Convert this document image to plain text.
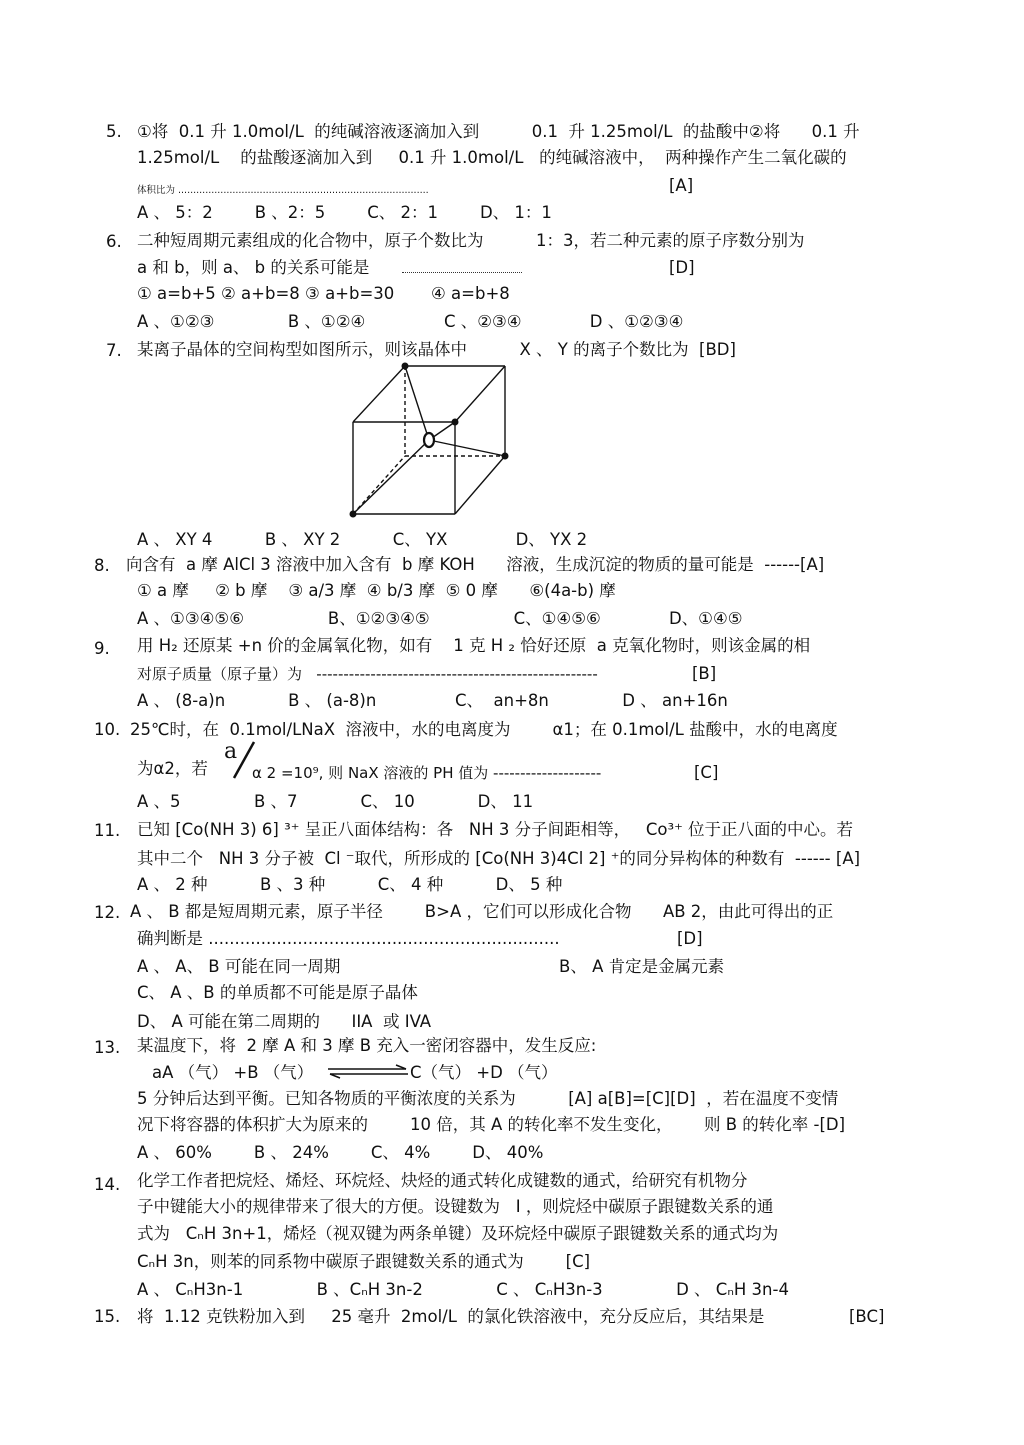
5. ①将  0.1 升 1.0mol/L  的纯碱溶液逐滴加入到          0.1  升 1.25mol/L  的盐酸中②将      0.1 升
1.25mol/L    的盐酸逐滴加入到     0.1 升 1.0mol/L   的纯碱溶液中，  两种操作产生二氧化碳的
体积比为 ...................................................................................	[A]
A 、 5：2        B 、2：5        C、 2：1        D、 1：1
6. 二种短周期元素组成的化合物中，原子个数比为          1：3，若二种元素的原子序数分别为
a 和 b，则 a、 b 的关系可能是	[D]
① a=b+5 ② a+b=8 ③ a+b=30       ④ a=b+8
A 、①②③              B 、①②④               C 、②③④             D 、①②③④
7. 某离子晶体的空间构型如图所示，则该晶体中          X 、 Y 的离子个数比为  [BD]
A 、 XY 4          B 、 XY 2          C、 YX             D、 YX 2
8. 向含有  a 摩 AlCl 3 溶液中加入含有  b 摩 KOH      溶液，生成沉淀的物质的量可能是  ------[A]
① a 摩     ② b 摩    ③ a/3 摩  ④ b/3 摩  ⑤ 0 摩      ⑥(4a-b) 摩
A 、①③④⑤⑥                B、①②③④⑤                C、①④⑤⑥             D、①④⑤
9. 用 H₂ 还原某 +n 价的金属氧化物，如有    1 克 H ₂ 恰好还原  a 克氧化物时，则该金属的相
对原子质量（原子量）为   ----------------------------------------------------	[B]
A 、 (8-a)n            B 、 (a-8)n               C、  an+8n              D 、 an+16n
10. 25℃时，在  0.1mol/LNaX  溶液中，水的电离度为        α1；在 0.1mol/L 盐酸中，水的电离度
为α2，若
a
α 2 =10⁹, 则 NaX 溶液的 PH 值为 --------------------	[C]
A 、5              B 、7            C、 10            D、 11
11. 已知 [Co(NH 3) 6] ³⁺ 呈正八面体结构：各   NH 3 分子间距相等，   Co³⁺ 位于正八面的中心。若
其中二个   NH 3 分子被  Cl ⁻取代，所形成的 [Co(NH 3)4Cl 2] ⁺的同分异构体的种数有  ------ [A]
A 、 2 种          B 、3 种          C、 4 种          D、 5 种
12. A 、 B 都是短周期元素，原子半径        B>A ，它们可以形成化合物      AB 2，由此可得出的正
确判断是 ...................................................................	[D]
A 、 A、 B 可能在同一周期	B、 A 肯定是金属元素
C、 A 、B 的单质都不可能是原子晶体
D、 A 可能在第二周期的      IIA  或 IVA
13. 某温度下，将  2 摩 A 和 3 摩 B 充入一密闭容器中，发生反应:
aA （气） +B （气）	C（气） +D （气）
5 分钟后达到平衡。已知各物质的平衡浓度的关系为          [A] a[B]=[C][D]  ，若在温度不变情
况下将容器的体积扩大为原来的        10 倍，其 A 的转化率不发生变化，      则 B 的转化率 -[D]
A 、 60%        B 、 24%        C、 4%        D、 40%
14. 化学工作者把烷烃、烯烃、环烷烃、炔烃的通式转化成键数的通式，给研究有机物分
子中键能大小的规律带来了很大的方便。设键数为   I ，则烷烃中碳原子跟键数关系的通
式为   CₙH 3n+1，烯烃（视双键为两条单键）及环烷烃中碳原子跟键数关系的通式均为
CₙH 3n，则苯的同系物中碳原子跟键数关系的通式为        [C]
A 、 CₙH3n-1              B 、CₙH 3n-2              C 、 CₙH3n-3              D 、 CₙH 3n-4
15. 将  1.12 克铁粉加入到     25 毫升  2mol/L  的氯化铁溶液中，充分反应后，其结果是	[BC]
